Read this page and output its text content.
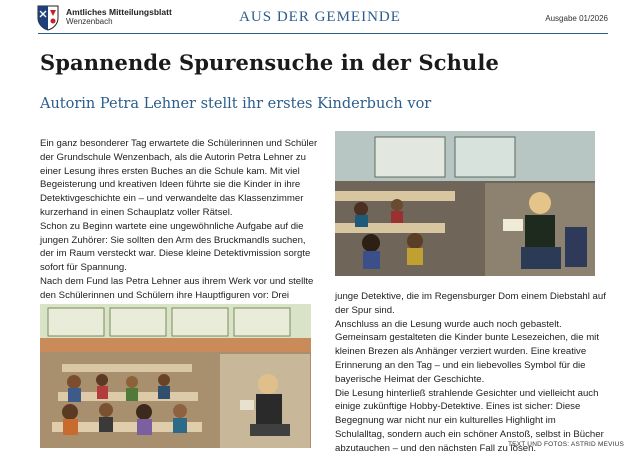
Amtliches Mitteilungsblatt
Wenzenbach	AUS DER GEMEINDE	Ausgabe 01/2026
Spannende Spurensuche in der Schule
Autorin Petra Lehner stellt ihr erstes Kinderbuch vor

Ein ganz besonderer Tag erwartete die Schülerinnen und Schüler der Grundschule Wenzenbach, als die Autorin Petra Lehner zu einer Lesung ihres ersten Buches an die Schule kam. Mit viel Begeisterung und kreativen Ideen führte sie die Kinder in ihre Detektivgeschichte ein – und verwandelte das Klassenzimmer kurzerhand in einen Schauplatz voller Rätsel.

Schon zu Beginn wartete eine ungewöhnliche Aufgabe auf die jungen Zuhörer: Sie sollten den Arm des Bruckmandls suchen, der im Raum versteckt war. Diese kleine Detektivmission sorgte sofort für Spannung.

Nach dem Fund las Petra Lehner aus ihrem Werk vor und stellte den Schülerinnen und Schülern ihre Hauptfiguren vor: Drei	junge Detektive, die im Regensburger Dom einem Diebstahl auf der Spur sind.

Anschluss an die Lesung wurde auch noch gebastelt. Gemeinsam gestalteten die Kinder bunte Lesezeichen, die mit kleinen Brezen als Anhänger verziert wurden. Eine kreative Erinnerung an den Tag – und ein liebevolles Symbol für die bayerische Heimat der Geschichte.

Die Lesung hinterließ strahlende Gesichter und vielleicht auch einige zukünftige Hobby-Detektive. Eines ist sicher: Diese Begegnung war nicht nur ein kulturelles Highlight im Schulalltag, sondern auch ein schöner Anstoß, selbst in Bücher abzutauchen – und den nächsten Fall zu lösen.

TEXT UND FOTOS: ASTRID MEVIUS
